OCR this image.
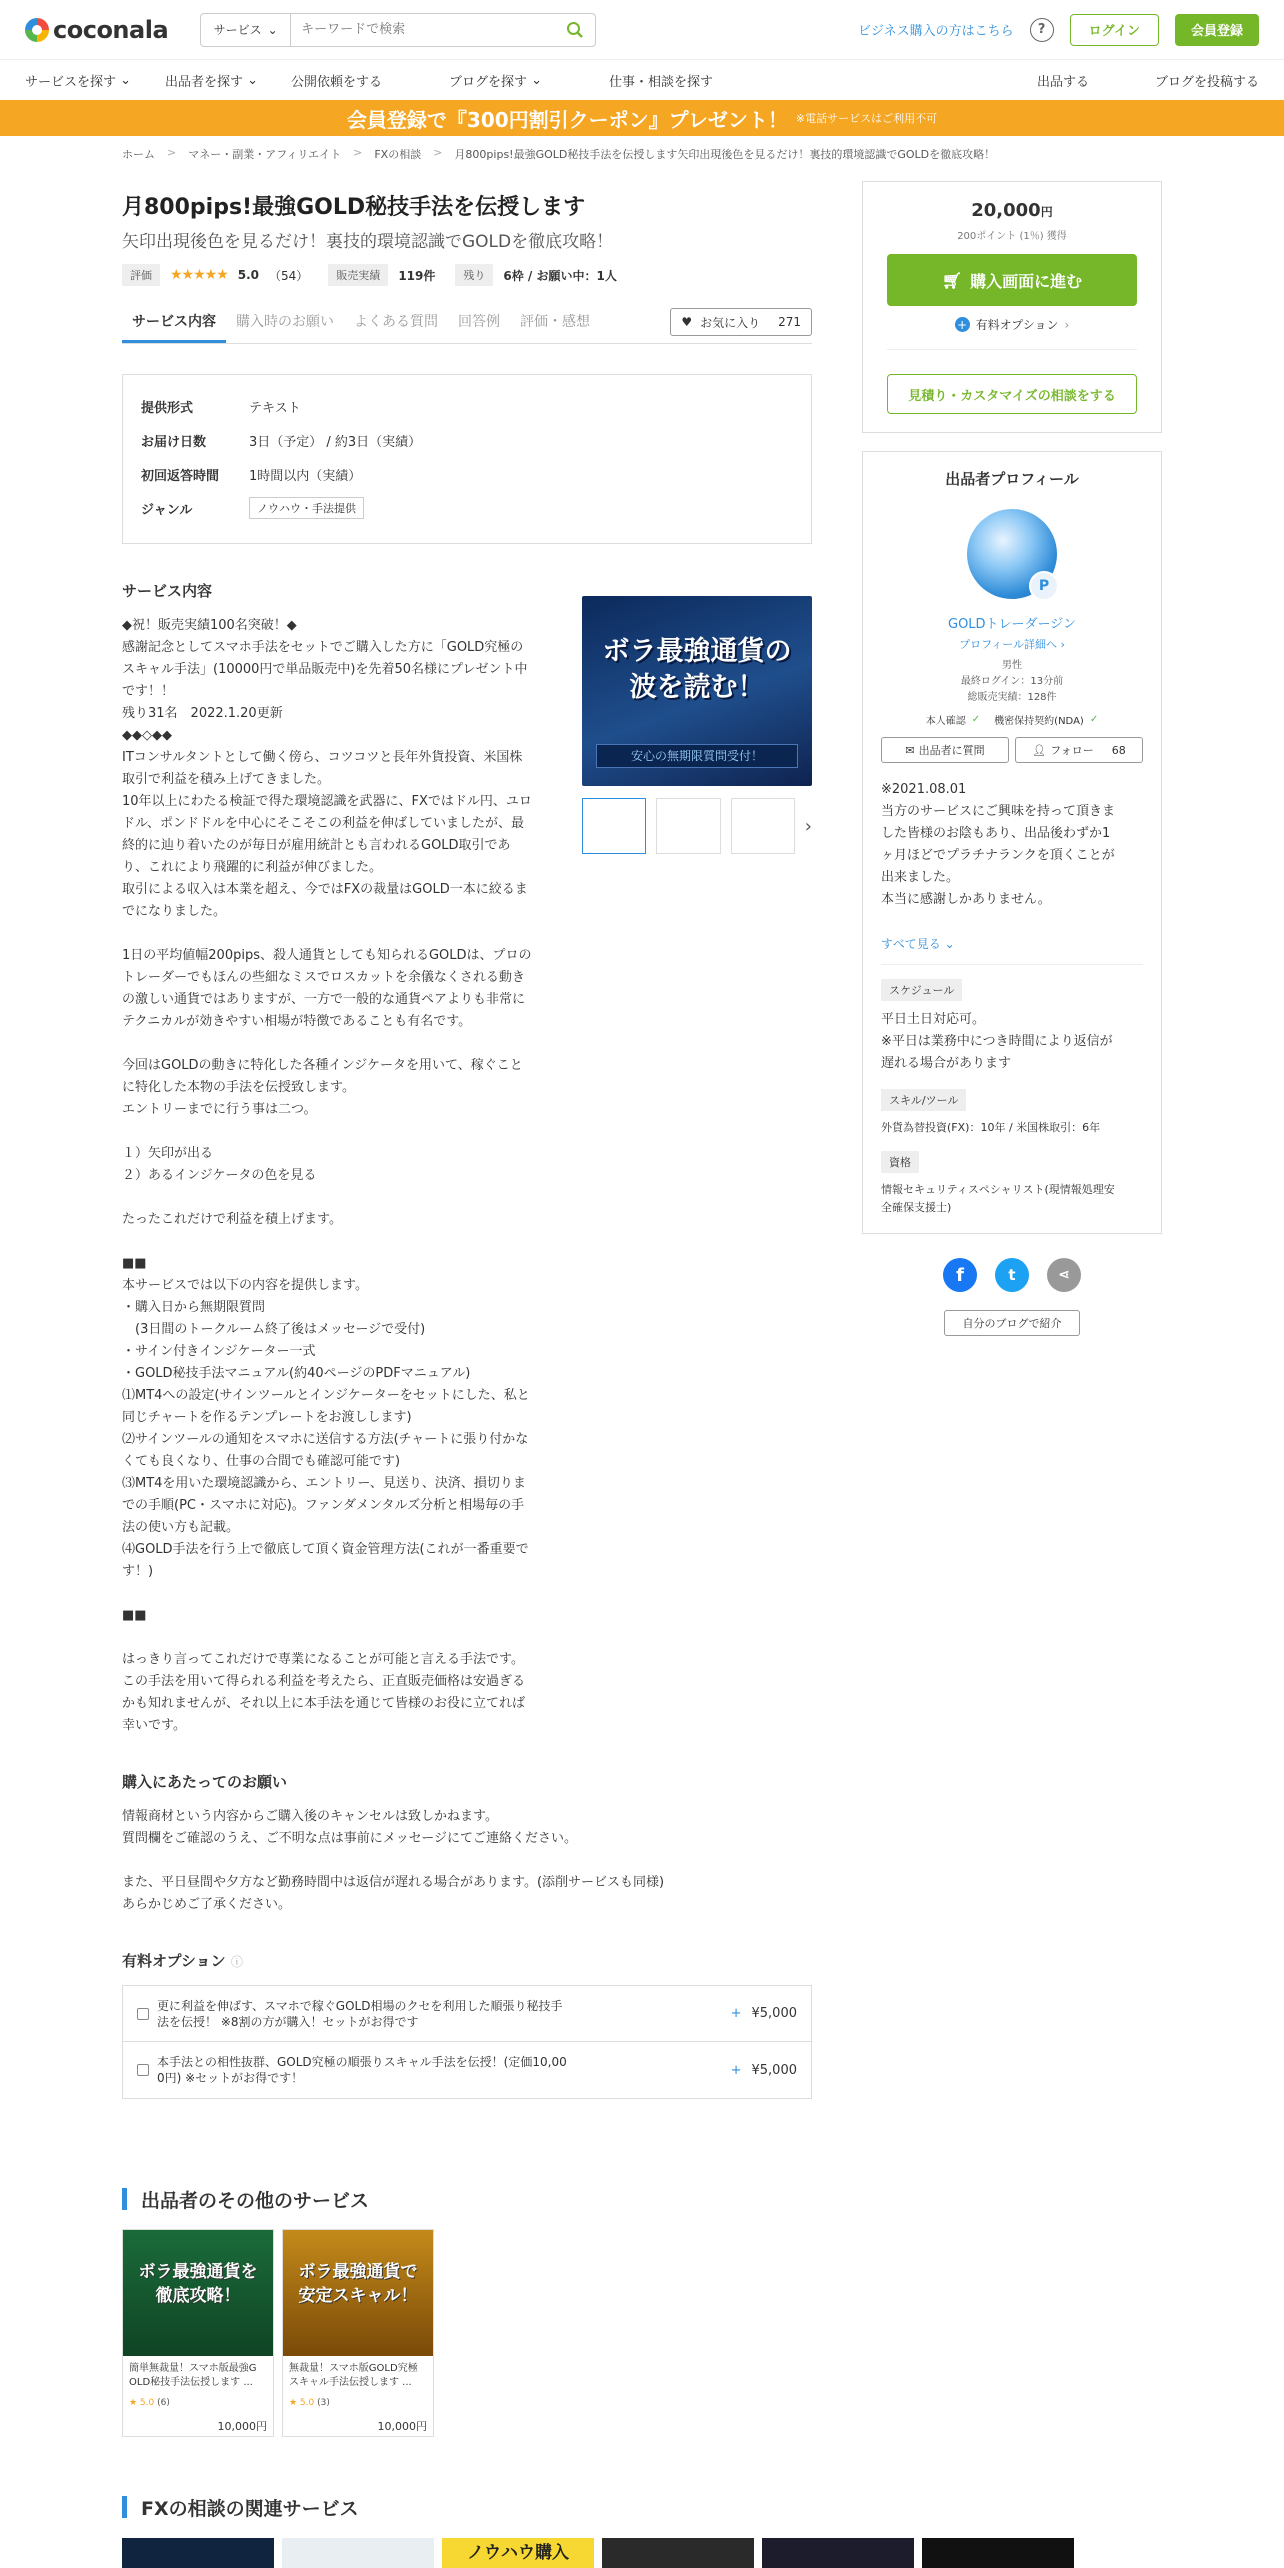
coconala	サービス ⌄
キーワードで検索	ビジネス購入の方はこちら	?	ログイン	会員登録
サービスを探す ⌄	出品者を探す ⌄	公開依頼をする	ブログを探す ⌄	仕事・相談を探す	出品する	ブログを投稿する
会員登録で『300円割引クーポン』プレゼント！ ※電話サービスはご利用不可
ホーム > マネー・副業・アフィリエイト > FXの相談 > 月800pips!最強GOLD秘技手法を伝授します矢印出現後色を見るだけ！裏技的環境認識でGOLDを徹底攻略！
月800pips!最強GOLD秘技手法を伝授します
矢印出現後色を見るだけ！裏技的環境認識でGOLDを徹底攻略！
評価	★★★★★ 5.0 （54）	販売実績	119件	残り	6枠 / お願い中：1人
サービス内容	購入時のお願い	よくある質問	回答例	評価・感想	♥ お気に入り 271
提供形式	テキスト
お届け日数	3日（予定） / 約3日（実績）
初回返答時間	1時間以内（実績）
ジャンル	ノウハウ・手法提供
サービス内容
◆祝！販売実績100名突破！◆
感謝記念としてスマホ手法をセットでご購入した方に「GOLD究極の
スキャル手法」(10000円で単品販売中)を先着50名様にプレゼント中
です！！
残り31名　2022.1.20更新
◆◆◇◆◆
ITコンサルタントとして働く傍ら、コツコツと長年外貨投資、米国株
取引で利益を積み上げてきました。
10年以上にわたる検証で得た環境認識を武器に、FXではドル円、ユロ
ドル、ポンドドルを中心にそこそこの利益を伸ばしていましたが、最
終的に辿り着いたのが毎日が雇用統計とも言われるGOLD取引であ
り、これにより飛躍的に利益が伸びました。
取引による収入は本業を超え、今ではFXの裁量はGOLD一本に絞るま
でになりました。

1日の平均値幅200pips、殺人通貨としても知られるGOLDは、プロの
トレーダーでもほんの些細なミスでロスカットを余儀なくされる動き
の激しい通貨ではありますが、一方で一般的な通貨ペアよりも非常に
テクニカルが効きやすい相場が特徴であることも有名です。

今回はGOLDの動きに特化した各種インジケータを用いて、稼ぐこと
に特化した本物の手法を伝授致します。
エントリーまでに行う事は二つ。

１）矢印が出る
２）あるインジケータの色を見る

たったこれだけで利益を積上げます。

■■
本サービスでは以下の内容を提供します。
・購入日から無期限質問
　(3日間のトークルーム終了後はメッセージで受付)
・サイン付きインジケーター一式
・GOLD秘技手法マニュアル(約40ページのPDFマニュアル)
⑴MT4への設定(サインツールとインジケーターをセットにした、私と
同じチャートを作るテンプレートをお渡しします)
⑵サインツールの通知をスマホに送信する方法(チャートに張り付かな
くても良くなり、仕事の合間でも確認可能です)
⑶MT4を用いた環境認識から、エントリー、見送り、決済、損切りま
での手順(PC・スマホに対応)。ファンダメンタルズ分析と相場毎の手
法の使い方も記載。
⑷GOLD手法を行う上で徹底して頂く資金管理方法(これが一番重要で
す！)

■■

はっきり言ってこれだけで専業になることが可能と言える手法です。
この手法を用いて得られる利益を考えたら、正直販売価格は安過ぎる
かも知れませんが、それ以上に本手法を通じて皆様のお役に立てれば
幸いです。
ボラ最強通貨の
波を読む！
安心の無期限質問受付！
›
購入にあたってのお願い
情報商材という内容からご購入後のキャンセルは致しかねます。
質問欄をご確認のうえ、ご不明な点は事前にメッセージにてご連絡ください。

また、平日昼間や夕方など勤務時間中は返信が遅れる場合があります。(添削サービスも同様)
あらかじめご了承ください。
有料オプション ⓘ
更に利益を伸ばす、スマホで稼ぐGOLD相場のクセを利用した順張り秘技手
法を伝授！ ※8割の方が購入！セットがお得です
+ ¥5,000
本手法との相性抜群、GOLD究極の順張りスキャル手法を伝授！(定価10,00
0円) ※セットがお得です！
+ ¥5,000
20,000円
200ポイント (1％) 獲得
🛒︎ 購入画面に進む
+ 有料オプション ›
見積り・カスタマイズの相談をする
出品者プロフィール
P
GOLDトレーダージン
プロフィール詳細へ ›
男性
最終ログイン：13分前
総販売実績：128件
本人確認 ✓ 機密保持契約(NDA) ✓
✉ 出品者に質問	👤︎ フォロー 68
※2021.08.01
当方のサービスにご興味を持って頂きま
した皆様のお陰もあり、出品後わずか1
ヶ月ほどでプラチナランクを頂くことが
出来ました。
本当に感謝しかありません。
すべて見る ⌄
スケジュール
平日土日対応可。
※平日は業務中につき時間により返信が
遅れる場合があります
スキル/ツール
外貨為替投資(FX)：10年 / 米国株取引：6年
資格
情報セキュリティスペシャリスト(現情報処理安
全確保支援士)
f	t	⋖
自分のブログで紹介
出品者のその他のサービス
ボラ最強通貨を
徹底攻略！
簡単無裁量！スマホ版最強G
OLD秘技手法伝授します ...
★ 5.0 (6)
10,000円
ボラ最強通貨で
安定スキャル！
無裁量！スマホ版GOLD究極
スキャル手法伝授します ...
★ 5.0 (3)
10,000円
FXの相談の関連サービス
ノウハウ購入
